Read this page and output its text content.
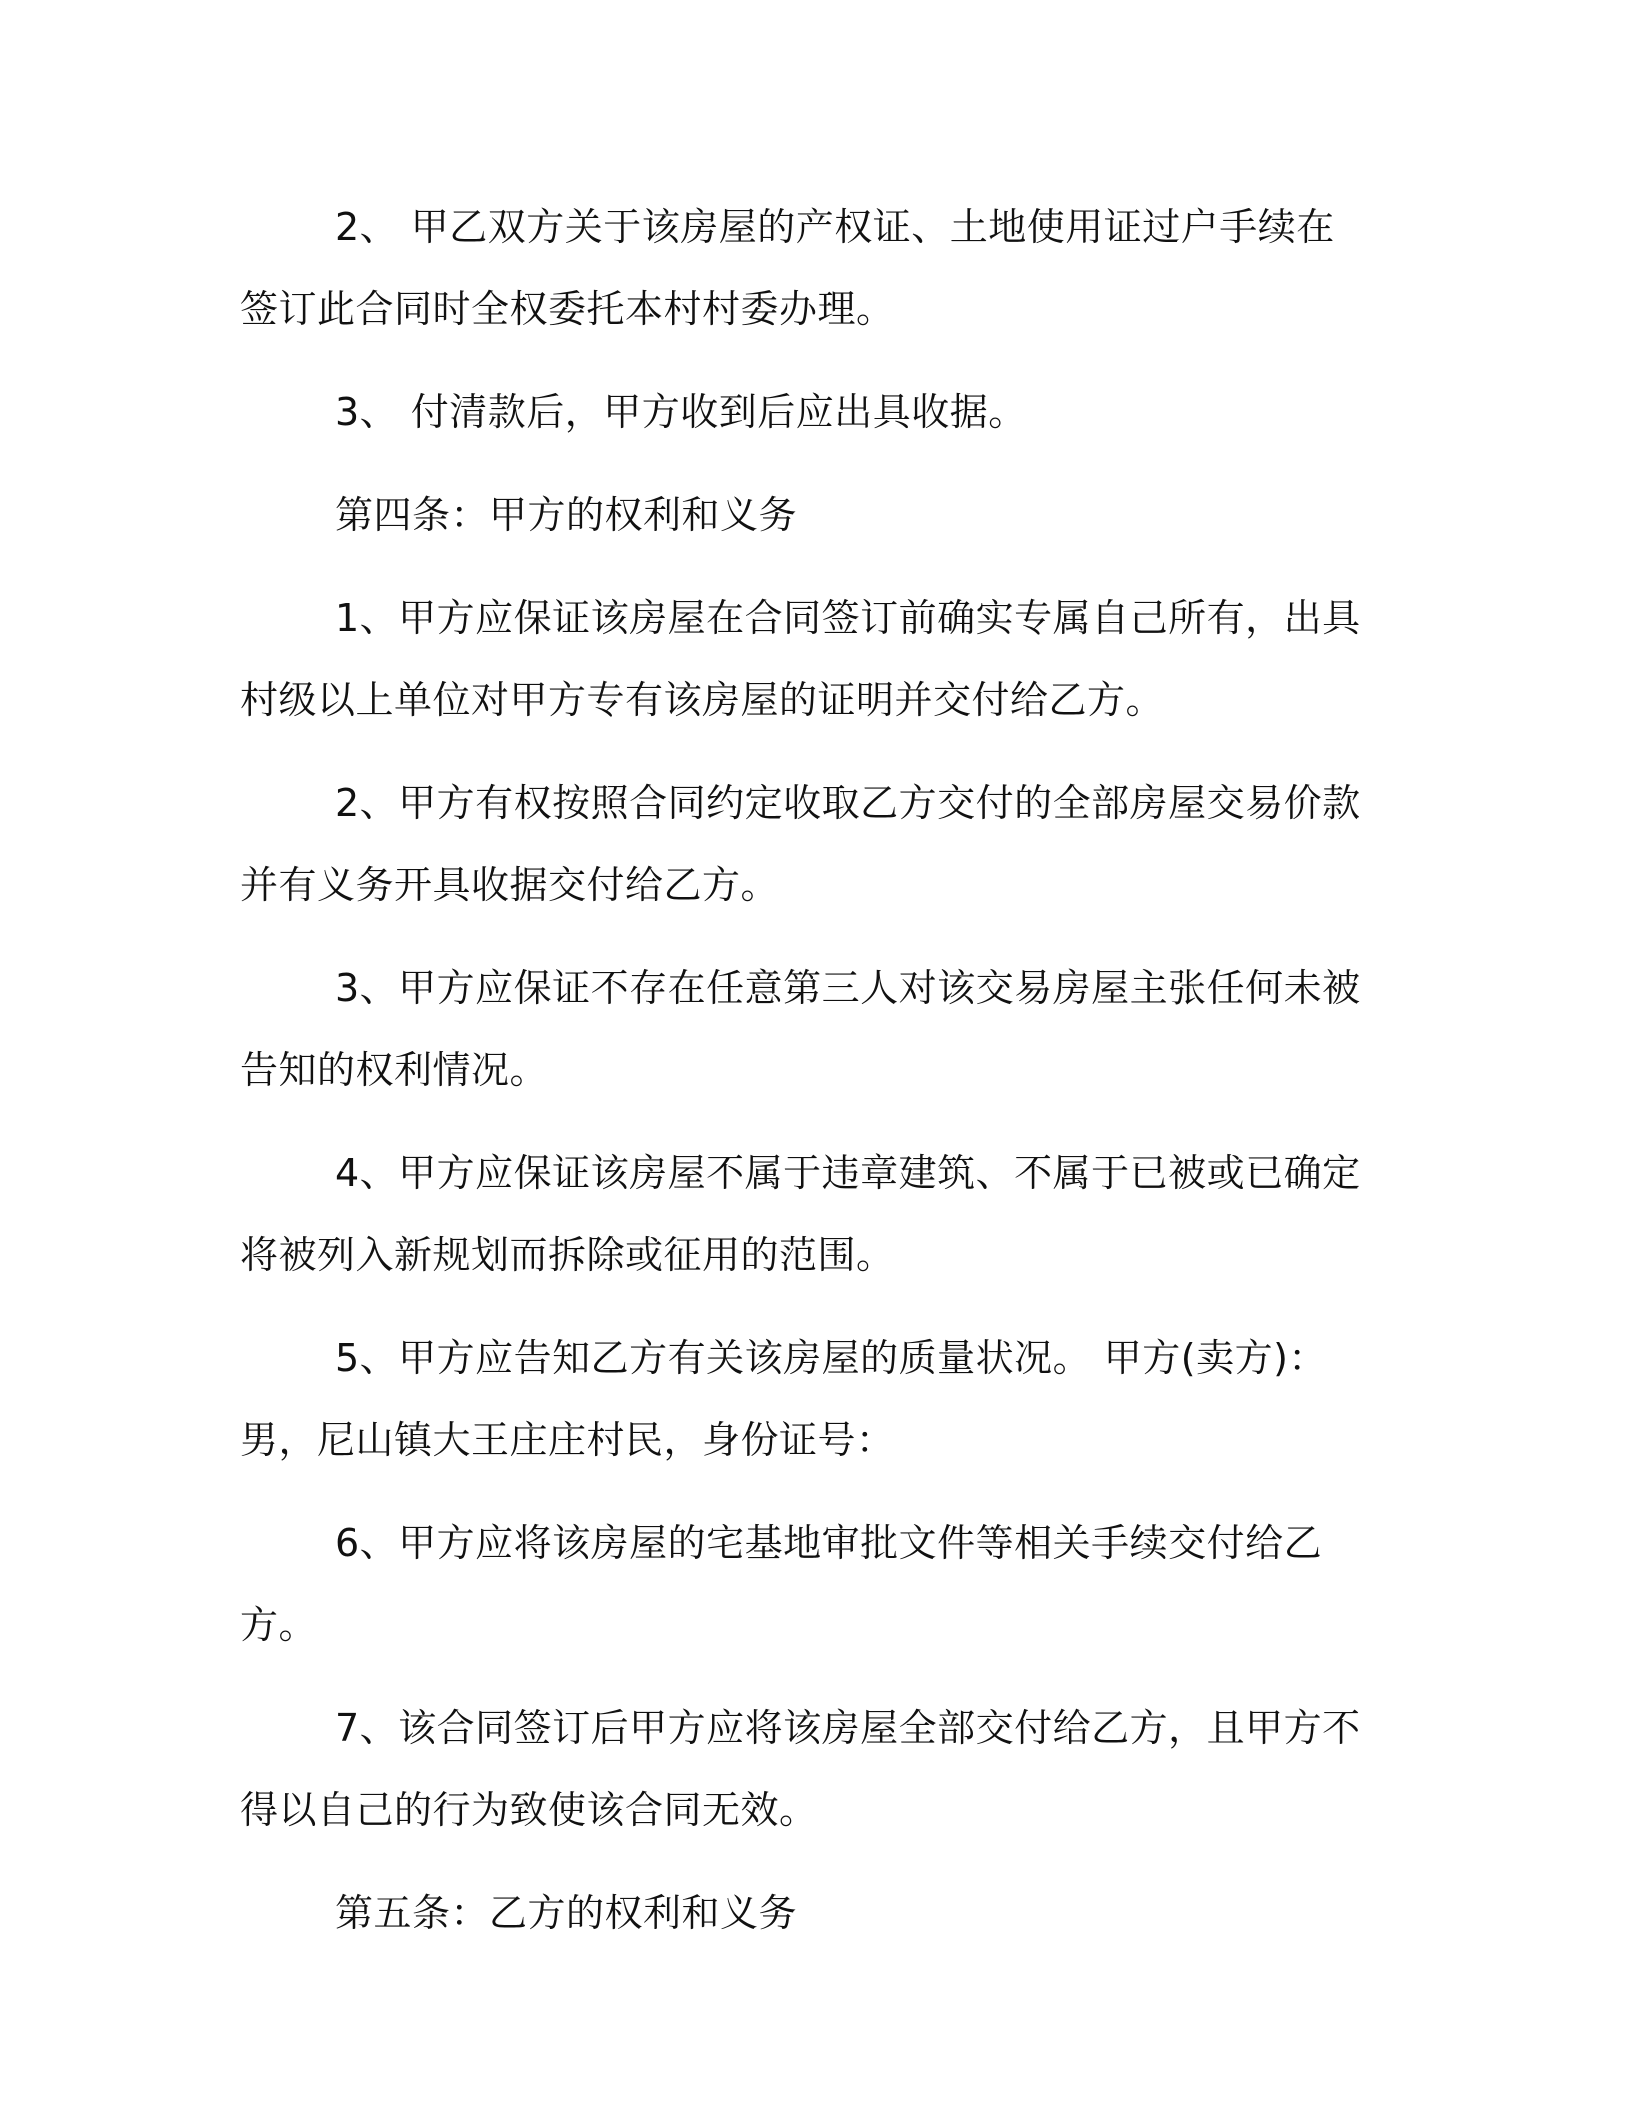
2、 甲乙双方关于该房屋的产权证、土地使用证过户手续在签订此合同时全权委托本村村委办理。

3、 付清款后，甲方收到后应出具收据。

第四条：甲方的权利和义务

1、甲方应保证该房屋在合同签订前确实专属自己所有，出具村级以上单位对甲方专有该房屋的证明并交付给乙方。

2、甲方有权按照合同约定收取乙方交付的全部房屋交易价款并有义务开具收据交付给乙方。

3、甲方应保证不存在任意第三人对该交易房屋主张任何未被告知的权利情况。

4、甲方应保证该房屋不属于违章建筑、不属于已被或已确定将被列入新规划而拆除或征用的范围。

5、甲方应告知乙方有关该房屋的质量状况。 甲方(卖方)： 男，尼山镇大王庄庄村民，身份证号：

6、甲方应将该房屋的宅基地审批文件等相关手续交付给乙方。

7、该合同签订后甲方应将该房屋全部交付给乙方，且甲方不得以自己的行为致使该合同无效。

第五条：乙方的权利和义务
